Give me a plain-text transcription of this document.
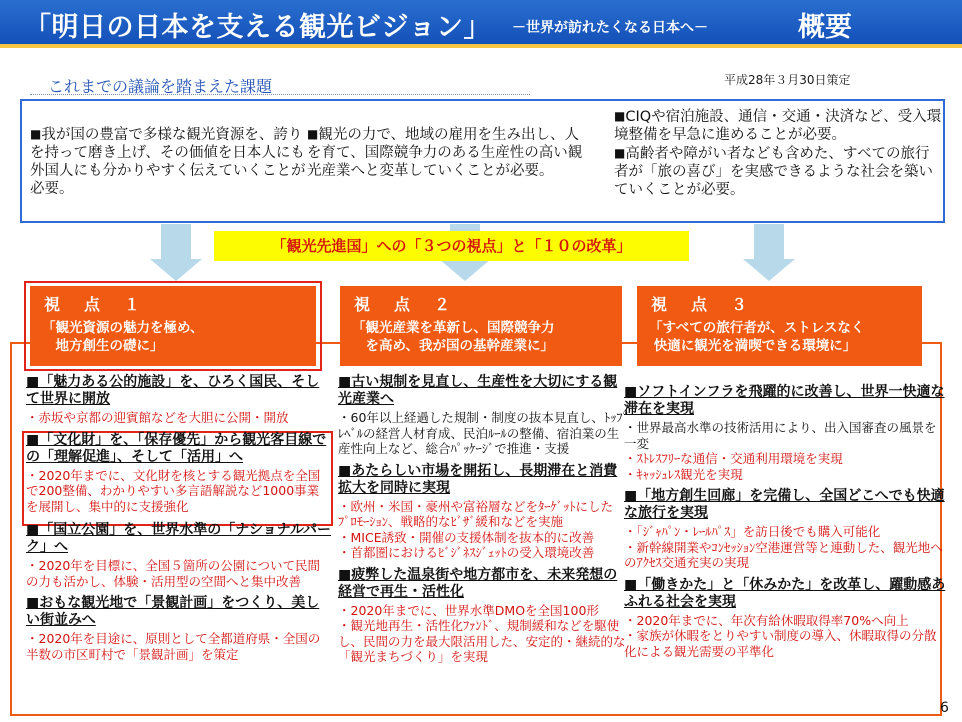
「明日の日本を支える観光ビジョン」 －世界が訪れたくなる日本へ－	概要
これまでの議論を踏まえた課題	平成28年３月30日策定
■我が国の豊富で多様な観光資源を、誇りを持って磨き上げ、その価値を日本人にも外国人にも分かりやすく伝えていくことが必要。
■観光の力で、地域の雇用を生み出し、人を育て、国際競争力のある生産性の高い観光産業へと変革していくことが必要。
■CIQや宿泊施設、通信・交通・決済など、受入環境整備を早急に進めることが必要。
■高齢者や障がい者なども含めた、すべての旅行者が「旅の喜び」を実感できるような社会を築いていくことが必要。
「観光先進国」への「３つの視点」と「１０の改革」
視　点　１
「観光資源の魅力を極め、
　地方創生の礎に」
視　点　２
「観光産業を革新し、国際競争力
　を高め、我が国の基幹産業に」
視　点　３
「すべての旅行者が、ストレスなく
快適に観光を満喫できる環境に」
■「魅力ある公的施設」を、ひろく国民、そして世界に開放
・赤坂や京都の迎賓館などを大胆に公開・開放
■「文化財」を、「保存優先」から観光客目線での「理解促進」、そして「活用」へ
・2020年までに、文化財を核とする観光拠点を全国で200整備、わかりやすい多言語解説など1000事業を展開し、集中的に支援強化
■「国立公園」を、世界水準の「ナショナルパーク」へ
・2020年を目標に、全国５箇所の公園について民間の力も活かし、体験・活用型の空間へと集中改善
■おもな観光地で「景観計画」をつくり、美しい街並みへ
・2020年を目途に、原則として全都道府県・全国の半数の市区町村で「景観計画」を策定
■古い規制を見直し、生産性を大切にする観光産業へ
・60年以上経過した規制・制度の抜本見直し、ﾄｯﾌﾟﾚﾍﾞﾙの経営人材育成、民泊ﾙｰﾙの整備、宿泊業の生産性向上など、総合ﾊﾟｯｹｰｼﾞで推進・支援
■あたらしい市場を開拓し、長期滞在と消費拡大を同時に実現
・欧州・米国・豪州や富裕層などをﾀｰｹﾞｯﾄにした
ﾌﾟﾛﾓｰｼｮﾝ、戦略的なﾋﾞｻﾞ緩和などを実施
・MICE誘致・開催の支援体制を抜本的に改善
・首都圏におけるﾋﾞｼﾞﾈｽｼﾞｪｯﾄの受入環境改善
■疲弊した温泉街や地方都市を、未来発想の経営で再生・活性化
・2020年までに、世界水準DMOを全国100形
・観光地再生・活性化ﾌｧﾝﾄﾞ、規制緩和などを駆使し、民間の力を最大限活用した、安定的・継続的な「観光まちづくり」を実現
■ソフトインフラを飛躍的に改善し、世界一快適な滞在を実現
・世界最高水準の技術活用により、出入国審査の風景を一変
・ｽﾄﾚｽﾌﾘｰな通信・交通利用環境を実現
・ｷｬｯｼｭﾚｽ観光を実現
■「地方創生回廊」を完備し、全国どこへでも快適な旅行を実現
・「ｼﾞｬﾊﾟﾝ・ﾚｰﾙﾊﾟｽ」を訪日後でも購入可能化
・新幹線開業やｺﾝｾｯｼｮﾝ空港運営等と連動した、観光地へのｱｸｾｽ交通充実の実現
■「働きかた」と「休みかた」を改革し、躍動感あふれる社会を実現
・2020年までに、年次有給休暇取得率70%へ向上
・家族が休暇をとりやすい制度の導入、休暇取得の分散化による観光需要の平準化
6
